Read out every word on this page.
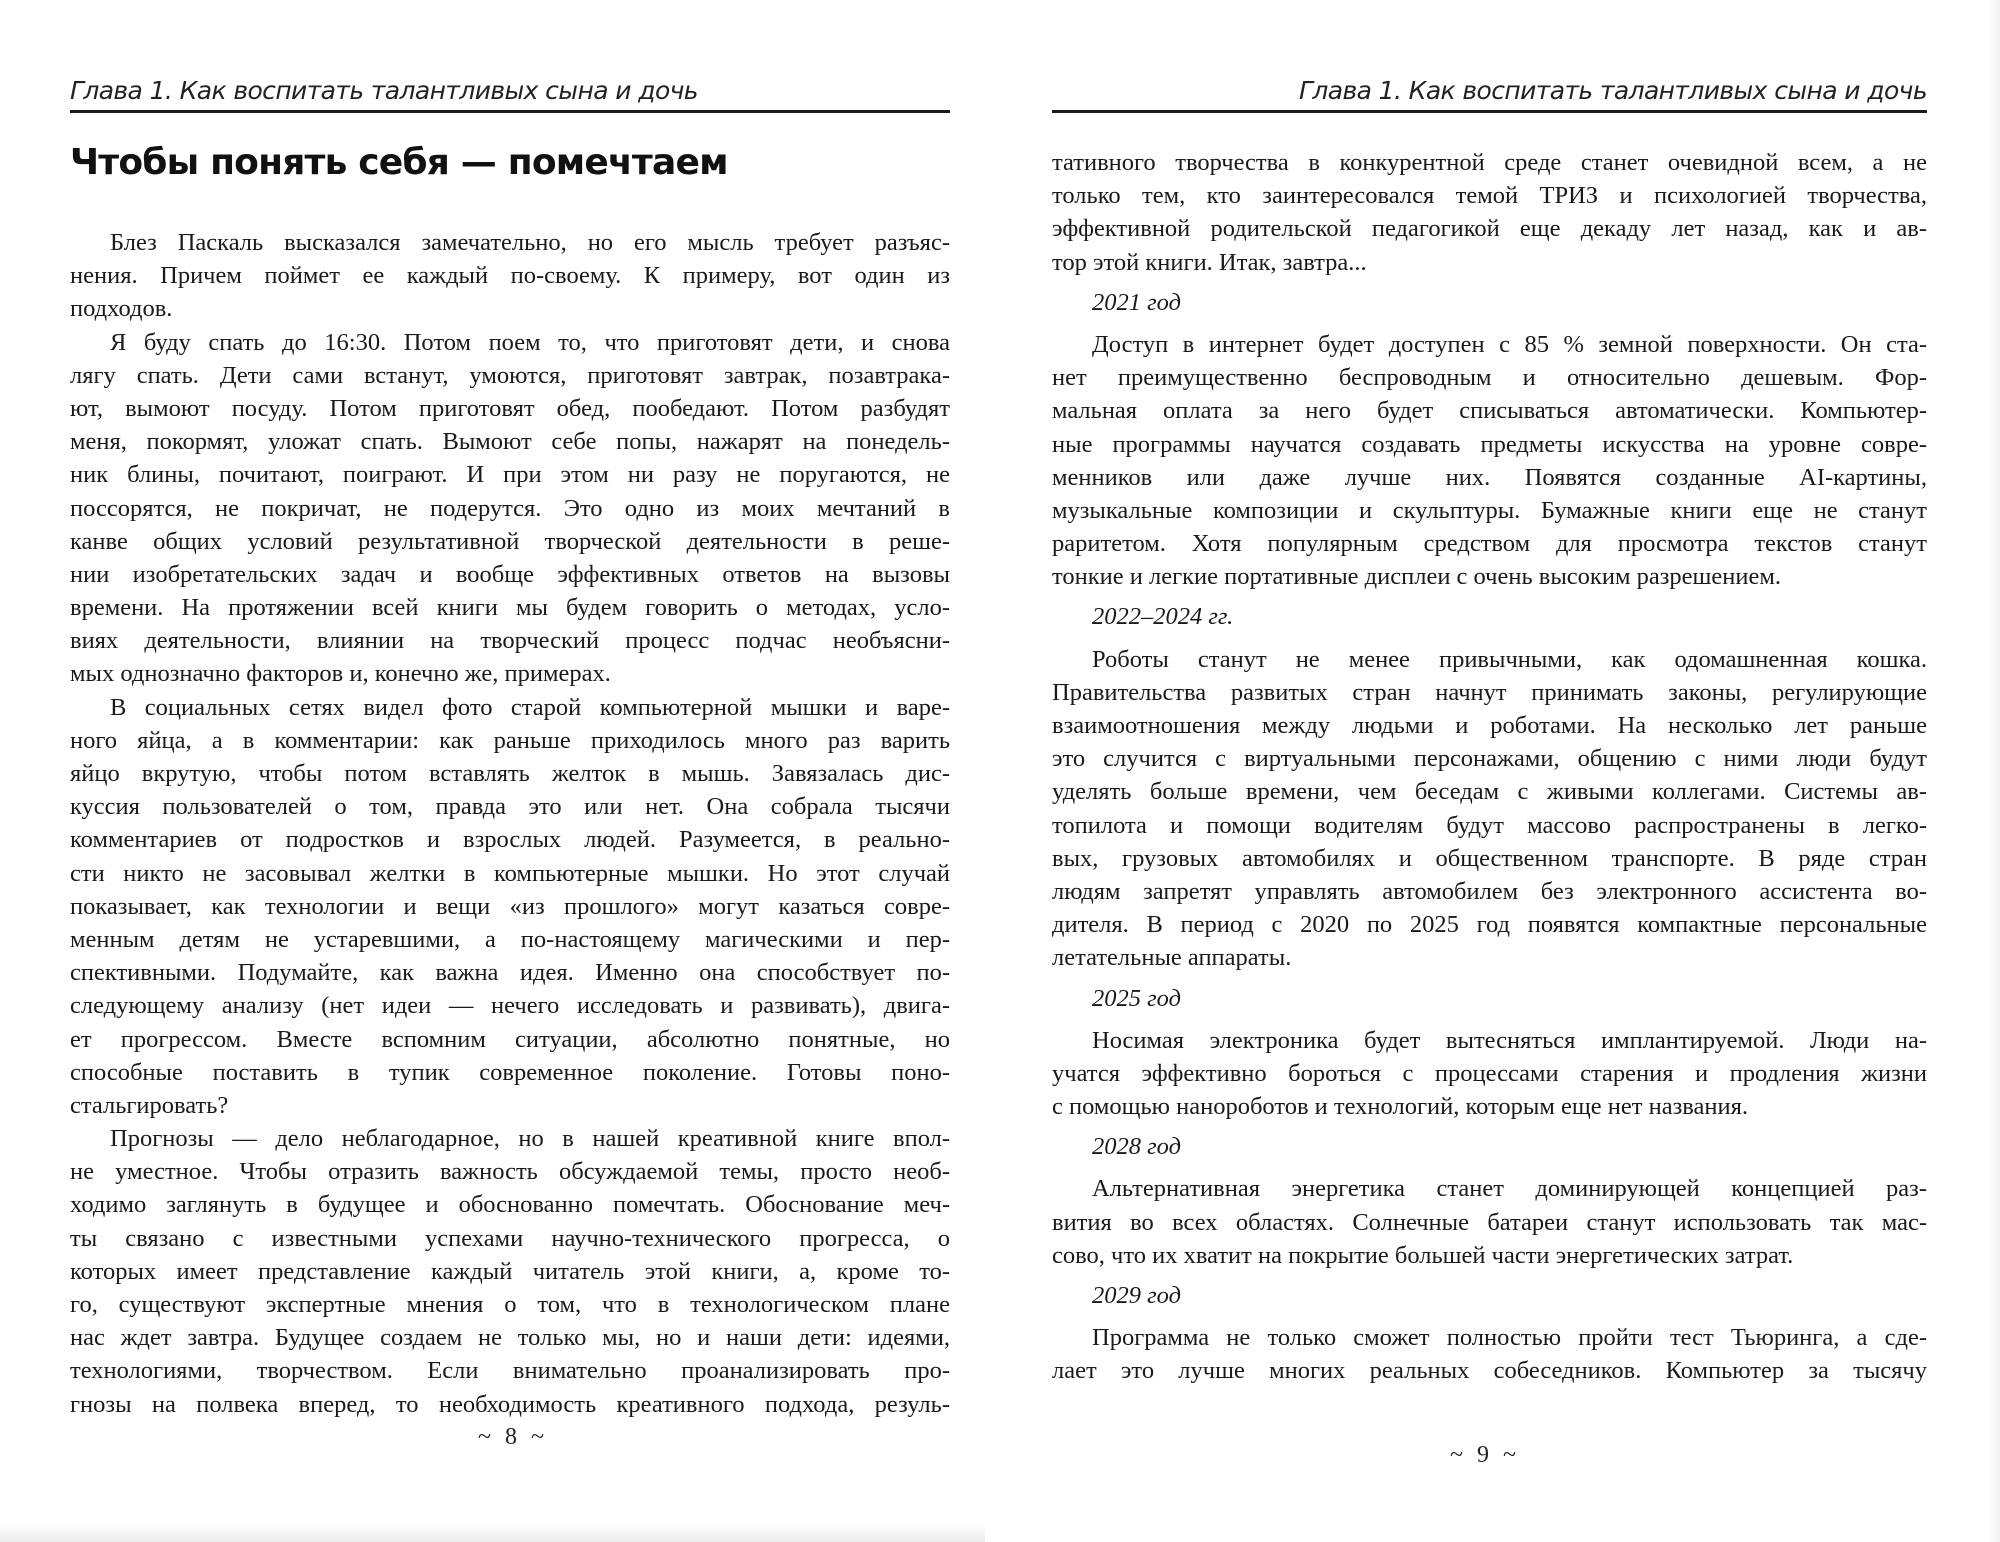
Глава 1. Как воспитать талантливых сына и дочь
Чтобы понять себя — помечтаем
Блез Паскаль высказался замечательно, но его мысль требует разъяс-
нения. Причем поймет ее каждый по-своему. К примеру, вот один из
подходов.
Я буду спать до 16:30. Потом поем то, что приготовят дети, и снова
лягу спать. Дети сами встанут, умоются, приготовят завтрак, позавтрака-
ют, вымоют посуду. Потом приготовят обед, пообедают. Потом разбудят
меня, покормят, уложат спать. Вымоют себе попы, нажарят на понедель-
ник блины, почитают, поиграют. И при этом ни разу не поругаются, не
поссорятся, не покричат, не подерутся. Это одно из моих мечтаний в
канве общих условий результативной творческой деятельности в реше-
нии изобретательских задач и вообще эффективных ответов на вызовы
времени. На протяжении всей книги мы будем говорить о методах, усло-
виях деятельности, влиянии на творческий процесс подчас необъясни-
мых однозначно факторов и, конечно же, примерах.
В социальных сетях видел фото старой компьютерной мышки и варе-
ного яйца, а в комментарии: как раньше приходилось много раз варить
яйцо вкрутую, чтобы потом вставлять желток в мышь. Завязалась дис-
куссия пользователей о том, правда это или нет. Она собрала тысячи
комментариев от подростков и взрослых людей. Разумеется, в реально-
сти никто не засовывал желтки в компьютерные мышки. Но этот случай
показывает, как технологии и вещи «из прошлого» могут казаться совре-
менным детям не устаревшими, а по-настоящему магическими и пер-
спективными. Подумайте, как важна идея. Именно она способствует по-
следующему анализу (нет идеи — нечего исследовать и развивать), двига-
ет прогрессом. Вместе вспомним ситуации, абсолютно понятные, но
способные поставить в тупик современное поколение. Готовы поно-
стальгировать?
Прогнозы — дело неблагодарное, но в нашей креативной книге впол-
не уместное. Чтобы отразить важность обсуждаемой темы, просто необ-
ходимо заглянуть в будущее и обоснованно помечтать. Обоснование меч-
ты связано с известными успехами научно-технического прогресса, о
которых имеет представление каждый читатель этой книги, а, кроме то-
го, существуют экспертные мнения о том, что в технологическом плане
нас ждет завтра. Будущее создаем не только мы, но и наши дети: идеями,
технологиями, творчеством. Если внимательно проанализировать про-
гнозы на полвека вперед, то необходимость креативного подхода, резуль-
~ 8 ~
Глава 1. Как воспитать талантливых сына и дочь
тативного творчества в конкурентной среде станет очевидной всем, а не
только тем, кто заинтересовался темой ТРИЗ и психологией творчества,
эффективной родительской педагогикой еще декаду лет назад, как и ав-
тор этой книги. Итак, завтра...
2021 год
Доступ в интернет будет доступен с 85 % земной поверхности. Он ста-
нет преимущественно беспроводным и относительно дешевым. Фор-
мальная оплата за него будет списываться автоматически. Компьютер-
ные программы научатся создавать предметы искусства на уровне совре-
менников или даже лучше них. Появятся созданные AI-картины,
музыкальные композиции и скульптуры. Бумажные книги еще не станут
раритетом. Хотя популярным средством для просмотра текстов станут
тонкие и легкие портативные дисплеи с очень высоким разрешением.
2022–2024 гг.
Роботы станут не менее привычными, как одомашненная кошка.
Правительства развитых стран начнут принимать законы, регулирующие
взаимоотношения между людьми и роботами. На несколько лет раньше
это случится с виртуальными персонажами, общению с ними люди будут
уделять больше времени, чем беседам с живыми коллегами. Системы ав-
топилота и помощи водителям будут массово распространены в легко-
вых, грузовых автомобилях и общественном транспорте. В ряде стран
людям запретят управлять автомобилем без электронного ассистента во-
дителя. В период с 2020 по 2025 год появятся компактные персональные
летательные аппараты.
2025 год
Носимая электроника будет вытесняться имплантируемой. Люди на-
учатся эффективно бороться с процессами старения и продления жизни
с помощью нанороботов и технологий, которым еще нет названия.
2028 год
Альтернативная энергетика станет доминирующей концепцией раз-
вития во всех областях. Солнечные батареи станут использовать так мас-
сово, что их хватит на покрытие большей части энергетических затрат.
2029 год
Программа не только сможет полностью пройти тест Тьюринга, а сде-
лает это лучше многих реальных собеседников. Компьютер за тысячу
~ 9 ~
